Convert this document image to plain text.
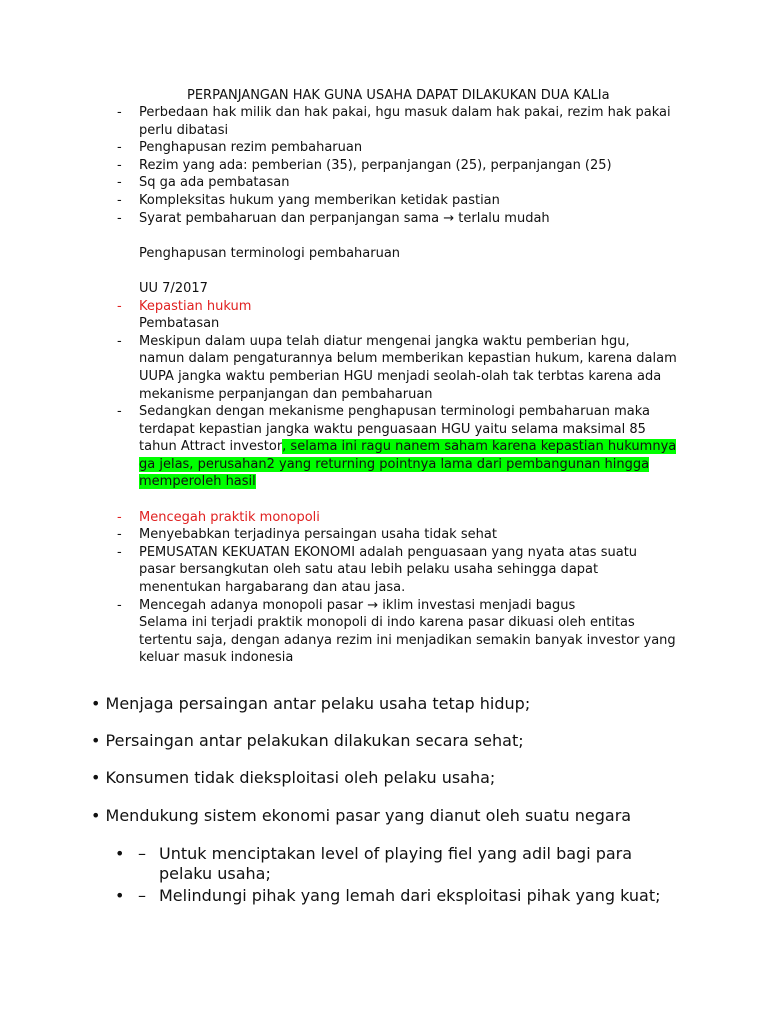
PERPANJANGAN HAK GUNA USAHA DAPAT DILAKUKAN DUA KALIa
- Perbedaan hak milik dan hak pakai, hgu masuk dalam hak pakai, rezim hak pakai perlu dibatasi
- Penghapusan rezim pembaharuan
- Rezim yang ada: pemberian (35), perpanjangan (25), perpanjangan (25)
- Sq ga ada pembatasan
- Kompleksitas hukum yang memberikan ketidak pastian
- Syarat pembaharuan dan perpanjangan sama → terlalu mudah
Penghapusan terminologi pembaharuan
UU 7/2017
- Kepastian hukum
Pembatasan
- Meskipun dalam uupa telah diatur mengenai jangka waktu pemberian hgu, namun dalam pengaturannya belum memberikan kepastian hukum, karena dalam UUPA jangka waktu pemberian HGU menjadi seolah-olah tak terbtas karena ada mekanisme perpanjangan dan pembaharuan
- Sedangkan dengan mekanisme penghapusan terminologi pembaharuan maka terdapat kepastian jangka waktu penguasaan HGU yaitu selama maksimal 85 tahun Attract investor, selama ini ragu nanem saham karena kepastian hukumnya ga jelas, perusahan2 yang returning pointnya lama dari pembangunan hingga memperoleh hasil
- Mencegah praktik monopoli
- Menyebabkan terjadinya persaingan usaha tidak sehat
- PEMUSATAN KEKUATAN EKONOMI adalah penguasaan yang nyata atas suatu pasar bersangkutan oleh satu atau lebih pelaku usaha sehingga dapat menentukan hargabarang dan atau jasa.
- Mencegah adanya monopoli pasar → iklim investasi menjadi bagus
Selama ini terjadi praktik monopoli di indo karena pasar dikuasi oleh entitas tertentu saja, dengan adanya rezim ini menjadikan semakin banyak investor yang keluar masuk indonesia
• Menjaga persaingan antar pelaku usaha tetap hidup;
• Persaingan antar pelakukan dilakukan secara sehat;
• Konsumen tidak dieksploitasi oleh pelaku usaha;
• Mendukung sistem ekonomi pasar yang dianut oleh suatu negara
• – Untuk menciptakan level of playing fiel yang adil bagi para pelaku usaha;
• – Melindungi pihak yang lemah dari eksploitasi pihak yang kuat;
